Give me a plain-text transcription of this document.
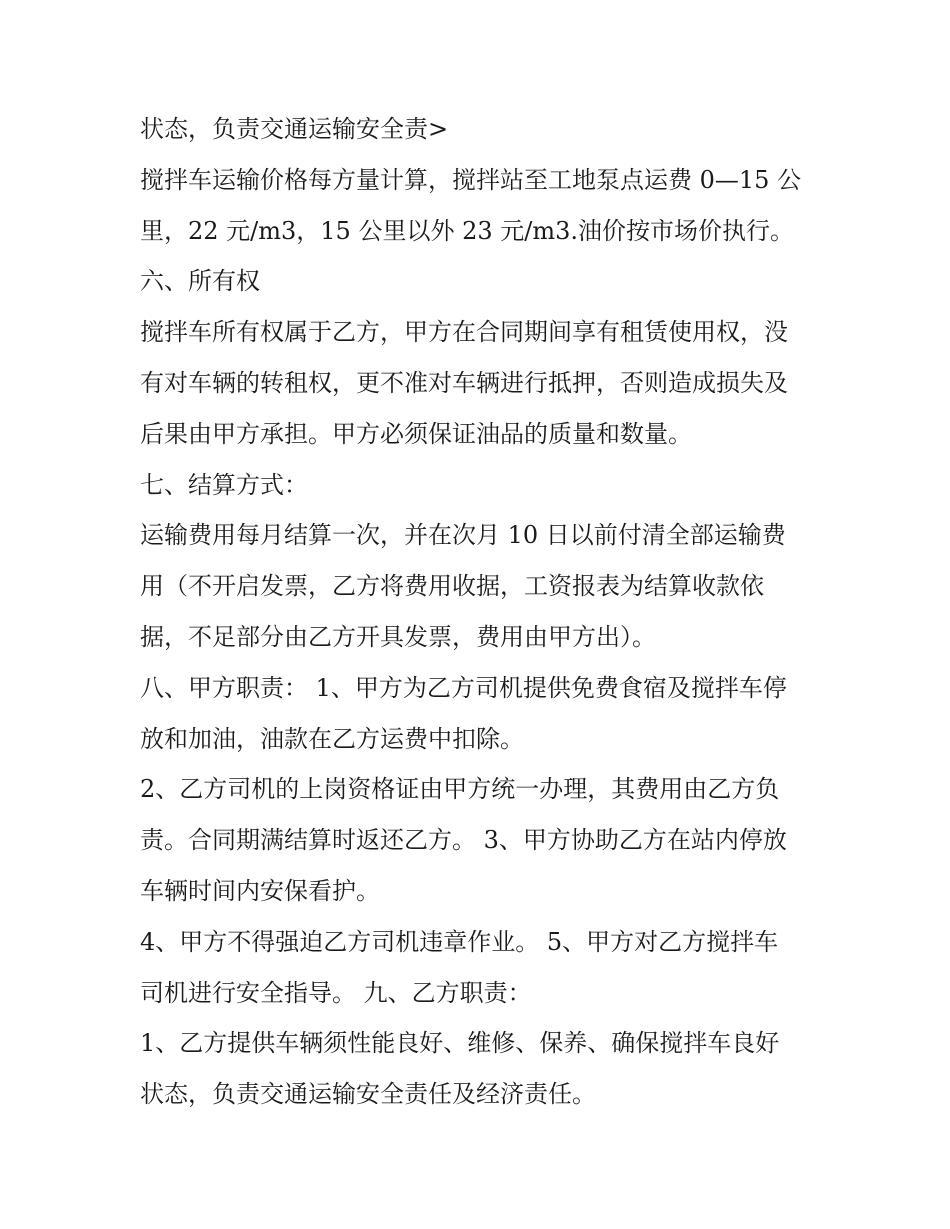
状态，负责交通运输安全责>
搅拌车运输价格每方量计算，搅拌站至工地泵点运费 0—15 公
里，22 元/m3，15 公里以外 23 元/m3.油价按市场价执行。
六、所有权
搅拌车所有权属于乙方，甲方在合同期间享有租赁使用权，没
有对车辆的转租权，更不准对车辆进行抵押，否则造成损失及
后果由甲方承担。甲方必须保证油品的质量和数量。
七、结算方式：
运输费用每月结算一次，并在次月 10 日以前付清全部运输费
用（不开启发票，乙方将费用收据，工资报表为结算收款依
据，不足部分由乙方开具发票，费用由甲方出）。
八、甲方职责： 1、甲方为乙方司机提供免费食宿及搅拌车停
放和加油，油款在乙方运费中扣除。
2、乙方司机的上岗资格证由甲方统一办理，其费用由乙方负
责。合同期满结算时返还乙方。 3、甲方协助乙方在站内停放
车辆时间内安保看护。
4、甲方不得强迫乙方司机违章作业。 5、甲方对乙方搅拌车
司机进行安全指导。 九、乙方职责：
1、乙方提供车辆须性能良好、维修、保养、确保搅拌车良好
状态，负责交通运输安全责任及经济责任。
